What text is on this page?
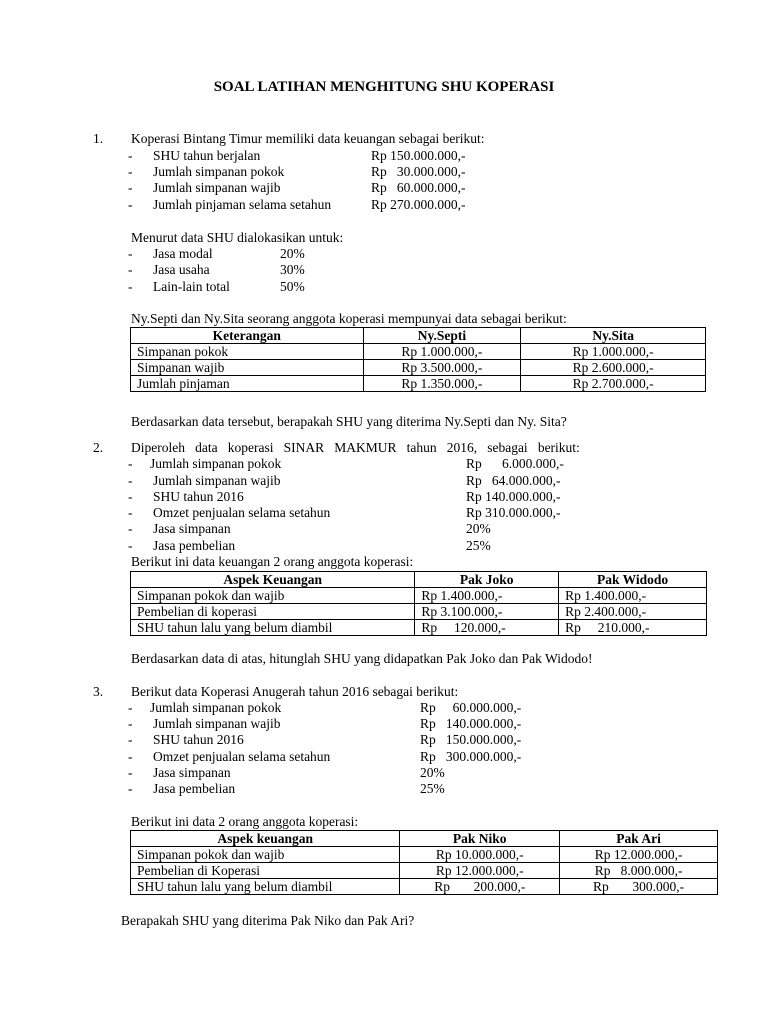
SOAL LATIHAN MENGHITUNG SHU KOPERASI
1. Koperasi Bintang Timur memiliki data keuangan sebagai berikut:
- SHU tahun berjalan	Rp 150.000.000,-
- Jumlah simpanan pokok	Rp   30.000.000,-
- Jumlah simpanan wajib	Rp   60.000.000,-
- Jumlah pinjaman selama setahun	Rp 270.000.000,-
Menurut data SHU dialokasikan untuk:
- Jasa modal	20%
- Jasa usaha	30%
- Lain-lain total	50%
Ny.Septi dan Ny.Sita seorang anggota koperasi mempunyai data sebagai berikut:
Keterangan	Ny.Septi	Ny.Sita
Simpanan pokok	Rp 1.000.000,-	Rp 1.000.000,-
Simpanan wajib	Rp 3.500.000,-	Rp 2.600.000,-
Jumlah pinjaman	Rp 1.350.000,-	Rp 2.700.000,-
Berdasarkan data tersebut, berapakah SHU yang diterima Ny.Septi dan Ny. Sita?
2. Diperoleh   data   koperasi   SINAR   MAKMUR   tahun   2016,   sebagai   berikut:
- Jumlah simpanan pokok	Rp      6.000.000,-
- Jumlah simpanan wajib	Rp   64.000.000,-
- SHU tahun 2016	Rp 140.000.000,-
- Omzet penjualan selama setahun	Rp 310.000.000,-
- Jasa simpanan	20%
- Jasa pembelian	25%
Berikut ini data keuangan 2 orang anggota koperasi:
Aspek Keuangan	Pak Joko	Pak Widodo
Simpanan pokok dan wajib	Rp 1.400.000,-	Rp 1.400.000,-
Pembelian di koperasi	Rp 3.100.000,-	Rp 2.400.000,-
SHU tahun lalu yang belum diambil	Rp     120.000,-	Rp     210.000,-
Berdasarkan data di atas, hitunglah SHU yang didapatkan Pak Joko dan Pak Widodo!
3. Berikut data Koperasi Anugerah tahun 2016 sebagai berikut:
- Jumlah simpanan pokok	Rp     60.000.000,-
- Jumlah simpanan wajib	Rp   140.000.000,-
- SHU tahun 2016	Rp   150.000.000,-
- Omzet penjualan selama setahun	Rp   300.000.000,-
- Jasa simpanan	20%
- Jasa pembelian	25%
Berikut ini data 2 orang anggota koperasi:
Aspek keuangan	Pak Niko	Pak Ari
Simpanan pokok dan wajib	Rp 10.000.000,-	Rp 12.000.000,-
Pembelian di Koperasi	Rp 12.000.000,-	Rp   8.000.000,-
SHU tahun lalu yang belum diambil	Rp       200.000,-	Rp       300.000,-
Berapakah SHU yang diterima Pak Niko dan Pak Ari?
